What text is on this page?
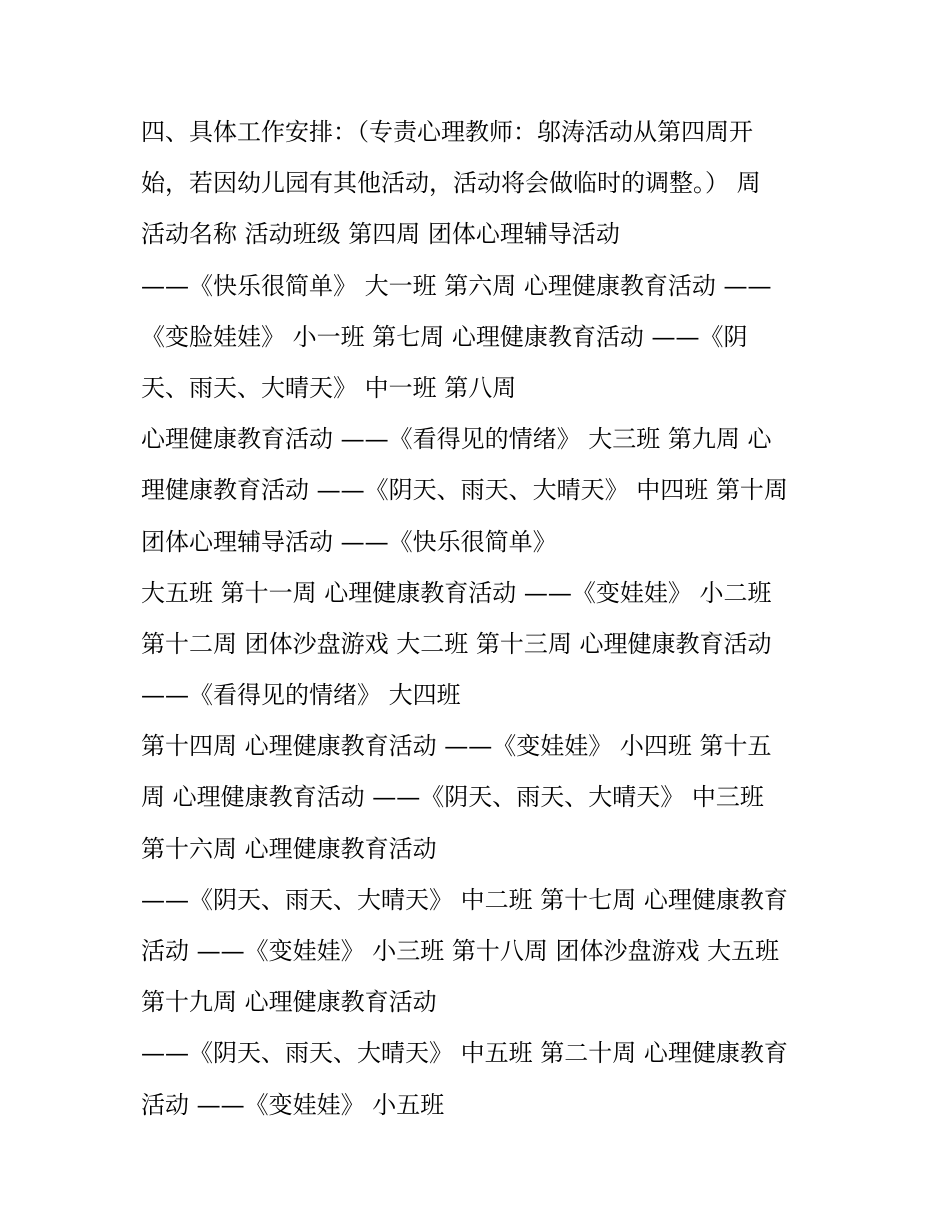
四、具体工作安排：（专责心理教师：邬涛活动从第四周开
始，若因幼儿园有其他活动，活动将会做临时的调整。） 周
活动名称 活动班级 第四周 团体心理辅导活动
——《快乐很简单》 大一班 第六周 心理健康教育活动 ——
《变脸娃娃》 小一班 第七周 心理健康教育活动 ——《阴
天、雨天、大晴天》 中一班 第八周
心理健康教育活动 ——《看得见的情绪》 大三班 第九周 心
理健康教育活动 ——《阴天、雨天、大晴天》 中四班 第十周
团体心理辅导活动 ——《快乐很简单》
大五班 第十一周 心理健康教育活动 ——《变娃娃》 小二班
第十二周 团体沙盘游戏 大二班 第十三周 心理健康教育活动
——《看得见的情绪》 大四班
第十四周 心理健康教育活动 ——《变娃娃》 小四班 第十五
周 心理健康教育活动 ——《阴天、雨天、大晴天》 中三班
第十六周 心理健康教育活动
——《阴天、雨天、大晴天》 中二班 第十七周 心理健康教育
活动 ——《变娃娃》 小三班 第十八周 团体沙盘游戏 大五班
第十九周 心理健康教育活动
——《阴天、雨天、大晴天》 中五班 第二十周 心理健康教育
活动 ——《变娃娃》 小五班
